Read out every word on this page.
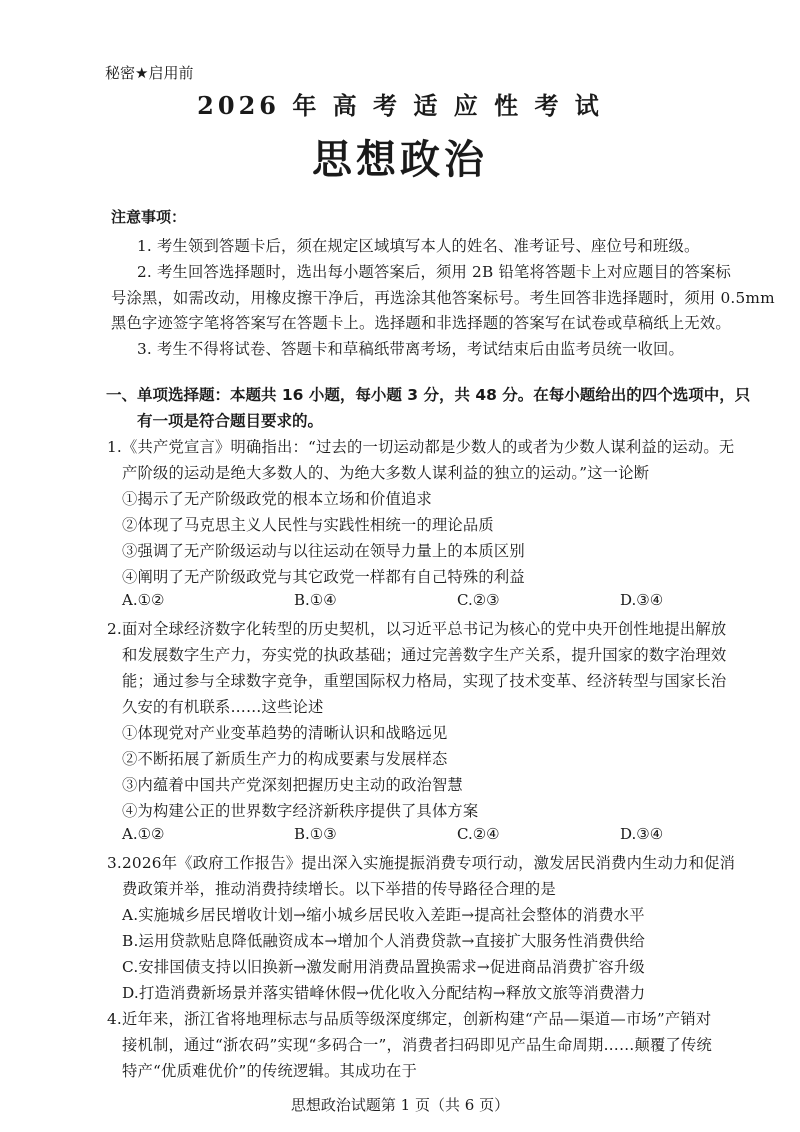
秘密★启用前
2026 年 高 考 适 应 性 考 试
思想政治
注意事项：
1. 考生领到答题卡后，须在规定区域填写本人的姓名、准考证号、座位号和班级。
2. 考生回答选择题时，选出每小题答案后，须用 2B 铅笔将答题卡上对应题目的答案标
号涂黑，如需改动，用橡皮擦干净后，再选涂其他答案标号。考生回答非选择题时，须用 0.5mm
黑色字迹签字笔将答案写在答题卡上。选择题和非选择题的答案写在试卷或草稿纸上无效。
3. 考生不得将试卷、答题卡和草稿纸带离考场，考试结束后由监考员统一收回。
一、单项选择题：本题共 16 小题，每小题 3 分，共 48 分。在每小题给出的四个选项中，只
有一项是符合题目要求的。
1.《共产党宣言》明确指出：“过去的一切运动都是少数人的或者为少数人谋利益的运动。无
产阶级的运动是绝大多数人的、为绝大多数人谋利益的独立的运动。”这一论断
①揭示了无产阶级政党的根本立场和价值追求
②体现了马克思主义人民性与实践性相统一的理论品质
③强调了无产阶级运动与以往运动在领导力量上的本质区别
④阐明了无产阶级政党与其它政党一样都有自己特殊的利益
A.①②	B.①④	C.②③	D.③④
2.面对全球经济数字化转型的历史契机，以习近平总书记为核心的党中央开创性地提出解放
和发展数字生产力，夯实党的执政基础；通过完善数字生产关系，提升国家的数字治理效
能；通过参与全球数字竞争，重塑国际权力格局，实现了技术变革、经济转型与国家长治
久安的有机联系……这些论述
①体现党对产业变革趋势的清晰认识和战略远见
②不断拓展了新质生产力的构成要素与发展样态
③内蕴着中国共产党深刻把握历史主动的政治智慧
④为构建公正的世界数字经济新秩序提供了具体方案
A.①②	B.①③	C.②④	D.③④
3.2026年《政府工作报告》提出深入实施提振消费专项行动，激发居民消费内生动力和促消
费政策并举，推动消费持续增长。以下举措的传导路径合理的是
A.实施城乡居民增收计划→缩小城乡居民收入差距→提高社会整体的消费水平
B.运用贷款贴息降低融资成本→增加个人消费贷款→直接扩大服务性消费供给
C.安排国债支持以旧换新→激发耐用消费品置换需求→促进商品消费扩容升级
D.打造消费新场景并落实错峰休假→优化收入分配结构→释放文旅等消费潜力
4.近年来，浙江省将地理标志与品质等级深度绑定，创新构建“产品—渠道—市场”产销对
接机制，通过“浙农码”实现“多码合一”，消费者扫码即见产品生命周期……颠覆了传统
特产“优质难优价”的传统逻辑。其成功在于
思想政治试题第 1 页（共 6 页）
